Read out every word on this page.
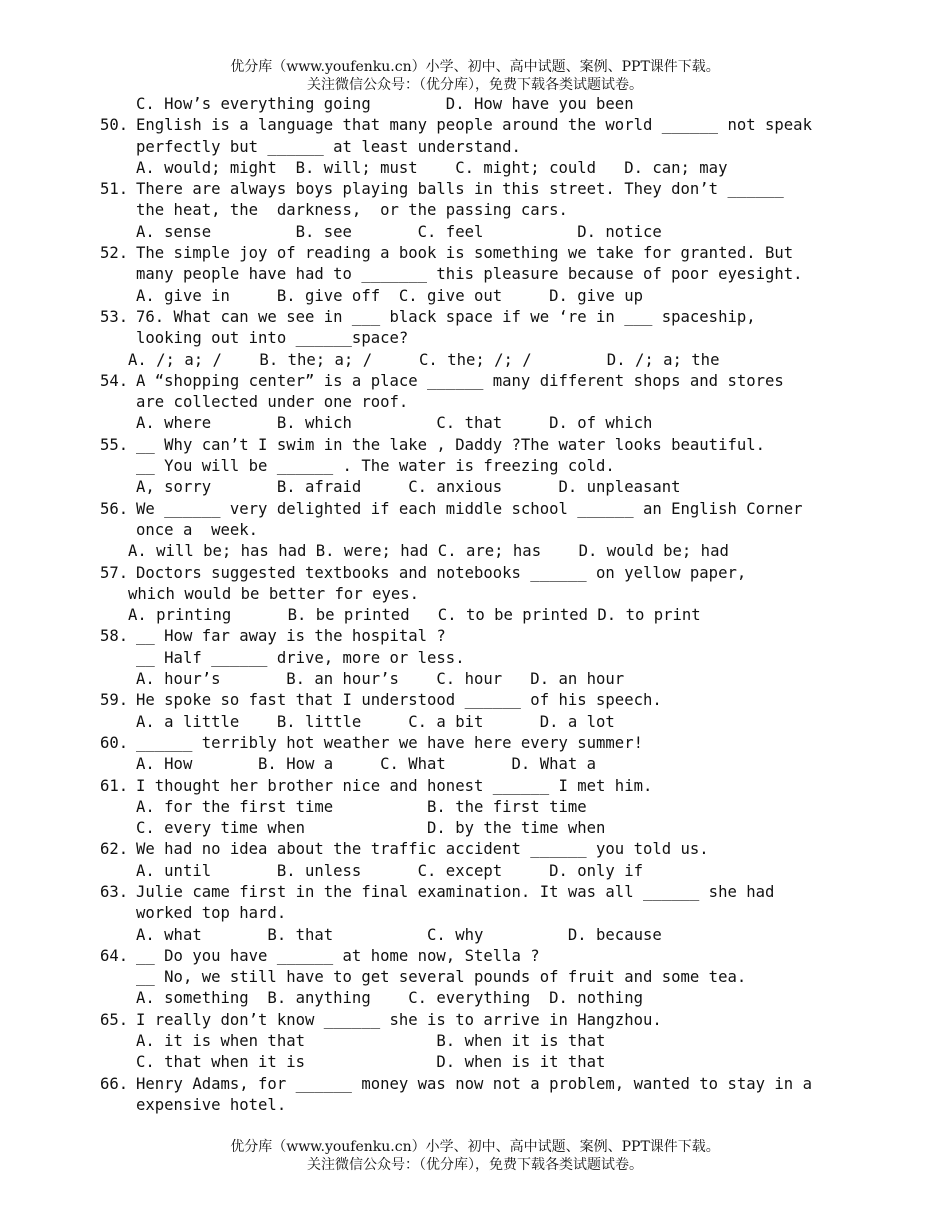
优分库（www.youfenku.cn）小学、初中、高中试题、案例、PPT课件下载。
关注微信公众号：（优分库），免费下载各类试题试卷。
C. How’s everything going        D. How have you been
50. English is a language that many people around the world ______ not speak
perfectly but ______ at least understand.
A. would; might  B. will; must    C. might; could   D. can; may
51. There are always boys playing balls in this street. They don’t ______
the heat, the  darkness,  or the passing cars.
A. sense         B. see       C. feel          D. notice
52. The simple joy of reading a book is something we take for granted. But
many people have had to _______ this pleasure because of poor eyesight.
A. give in     B. give off  C. give out     D. give up
53. 76. What can we see in ___ black space if we ‘re in ___ spaceship,
looking out into ______space?
A. /; a; /    B. the; a; /     C. the; /; /        D. /; a; the
54. A “shopping center” is a place ______ many different shops and stores
are collected under one roof.
A. where       B. which         C. that     D. of which
55. __ Why can’t I swim in the lake , Daddy ?The water looks beautiful.
__ You will be ______ . The water is freezing cold.
A, sorry       B. afraid     C. anxious      D. unpleasant
56. We ______ very delighted if each middle school ______ an English Corner
once a  week.
A. will be; has had B. were; had C. are; has    D. would be; had
57. Doctors suggested textbooks and notebooks ______ on yellow paper,
which would be better for eyes.
A. printing      B. be printed   C. to be printed D. to print
58. __ How far away is the hospital ?
__ Half ______ drive, more or less.
A. hour’s       B. an hour’s    C. hour   D. an hour
59. He spoke so fast that I understood ______ of his speech.
A. a little    B. little     C. a bit      D. a lot
60. ______ terribly hot weather we have here every summer!
A. How       B. How a     C. What       D. What a
61. I thought her brother nice and honest ______ I met him.
A. for the first time          B. the first time
C. every time when             D. by the time when
62. We had no idea about the traffic accident ______ you told us.
A. until       B. unless      C. except     D. only if
63. Julie came first in the final examination. It was all ______ she had
worked top hard.
A. what       B. that          C. why         D. because
64. __ Do you have ______ at home now, Stella ?
__ No, we still have to get several pounds of fruit and some tea.
A. something  B. anything    C. everything  D. nothing
65. I really don’t know ______ she is to arrive in Hangzhou.
A. it is when that              B. when it is that
C. that when it is              D. when is it that
66. Henry Adams, for ______ money was now not a problem, wanted to stay in a
expensive hotel.
优分库（www.youfenku.cn）小学、初中、高中试题、案例、PPT课件下载。
关注微信公众号：（优分库），免费下载各类试题试卷。
